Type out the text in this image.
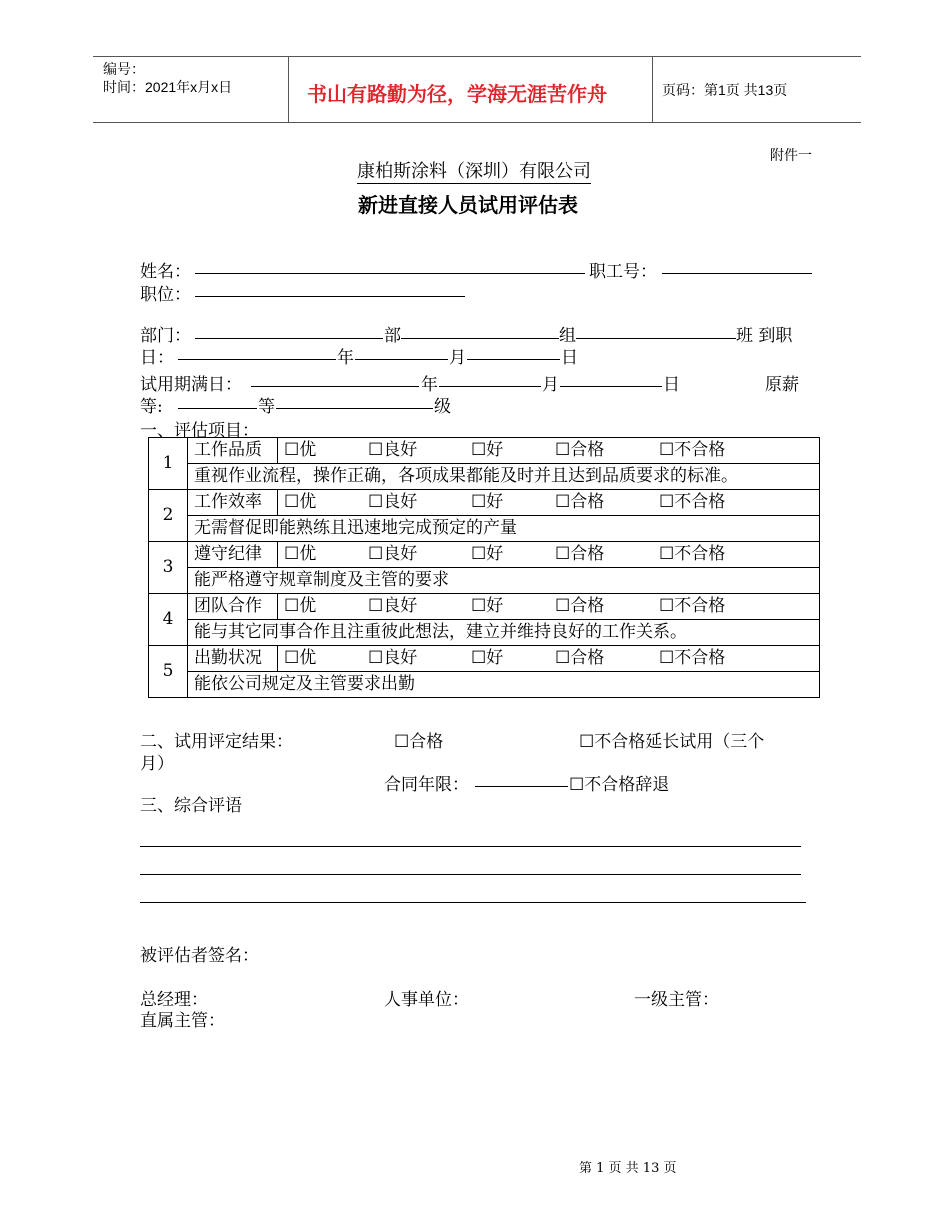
编号：
时间：2021年x月x日	书山有路勤为径，学海无涯苦作舟	页码：第1页 共13页
附件一
康柏斯涂料（深圳）有限公司
新进直接人员试用评估表
姓名：	职工号：
职位：
部门：	部	组	班 到职
日：	年	月	日
试用期满日：	年	月	日	原薪
等:	等	级
一、评估项目：
1	工作品质	☐优 ☐良好 ☐好 ☐合格 ☐不合格
	重视作业流程，操作正确，各项成果都能及时并且达到品质要求的标准。	
2	工作效率	☐优 ☐良好 ☐好 ☐合格 ☐不合格
	无需督促即能熟练且迅速地完成预定的产量	
3	遵守纪律	☐优 ☐良好 ☐好 ☐合格 ☐不合格
	能严格遵守规章制度及主管的要求	
4	团队合作	☐优 ☐良好 ☐好 ☐合格 ☐不合格
	能与其它同事合作且注重彼此想法，建立并维持良好的工作关系。	
5	出勤状况	☐优 ☐良好 ☐好 ☐合格 ☐不合格
	能依公司规定及主管要求出勤	
二、试用评定结果：	☐合格	☐不合格延长试用（三个
月）
合同年限：	☐不合格辞退
三、综合评语
被评估者签名：
总经理：	人事单位：	一级主管：
直属主管：
第 1 页 共 13 页
